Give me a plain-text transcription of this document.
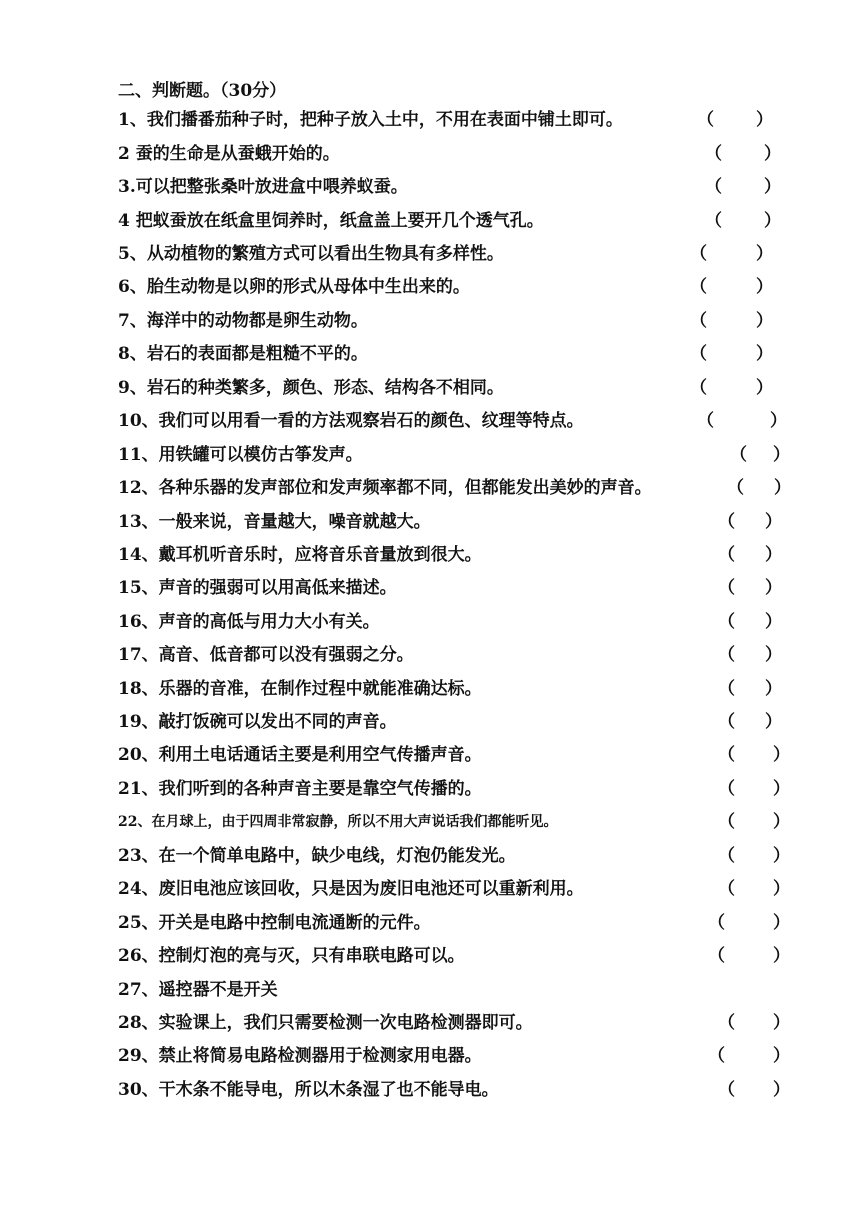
二、判断题。（30分）
1、我们播番茄种子时，把种子放入土中，不用在表面中铺土即可。	（ ）
2 蚕的生命是从蚕蛾开始的。	（ ）
3.可以把整张桑叶放进盒中喂养蚁蚕。	（ ）
4 把蚁蚕放在纸盒里饲养时，纸盒盖上要开几个透气孔。	（ ）
5、从动植物的繁殖方式可以看出生物具有多样性。	（	）
6、胎生动物是以卵的形式从母体中生出来的。	（	）
7、海洋中的动物都是卵生动物。	（	）
8、岩石的表面都是粗糙不平的。	（	）
9、岩石的种类繁多，颜色、形态、结构各不相同。	（	）
10、我们可以用看一看的方法观察岩石的颜色、纹理等特点。	（	）
11、用铁罐可以模仿古筝发声。	（ ）
12、各种乐器的发声部位和发声频率都不同，但都能发出美妙的声音。	（ ）
13、一般来说，音量越大，噪音就越大。	（ ）
14、戴耳机听音乐时，应将音乐音量放到很大。	（ ）
15、声音的强弱可以用高低来描述。	（ ）
16、声音的高低与用力大小有关。	（ ）
17、高音、低音都可以没有强弱之分。	（ ）
18、乐器的音准，在制作过程中就能准确达标。	（ ）
19、敲打饭碗可以发出不同的声音。	（ ）
20、利用土电话通话主要是利用空气传播声音。	（ ）
21、我们听到的各种声音主要是靠空气传播的。	（ ）
22、在月球上，由于四周非常寂静，所以不用大声说话我们都能听见。	（ ）
23、在一个简单电路中，缺少电线，灯泡仍能发光。	（ ）
24、废旧电池应该回收，只是因为废旧电池还可以重新利用。	（ ）
25、开关是电路中控制电流通断的元件。	（	）
26、控制灯泡的亮与灭，只有串联电路可以。	（	）
27、遥控器不是开关
28、实验课上，我们只需要检测一次电路检测器即可。	（ ）
29、禁止将简易电路检测器用于检测家用电器。	（	）
30、干木条不能导电，所以木条湿了也不能导电。	（ ）
